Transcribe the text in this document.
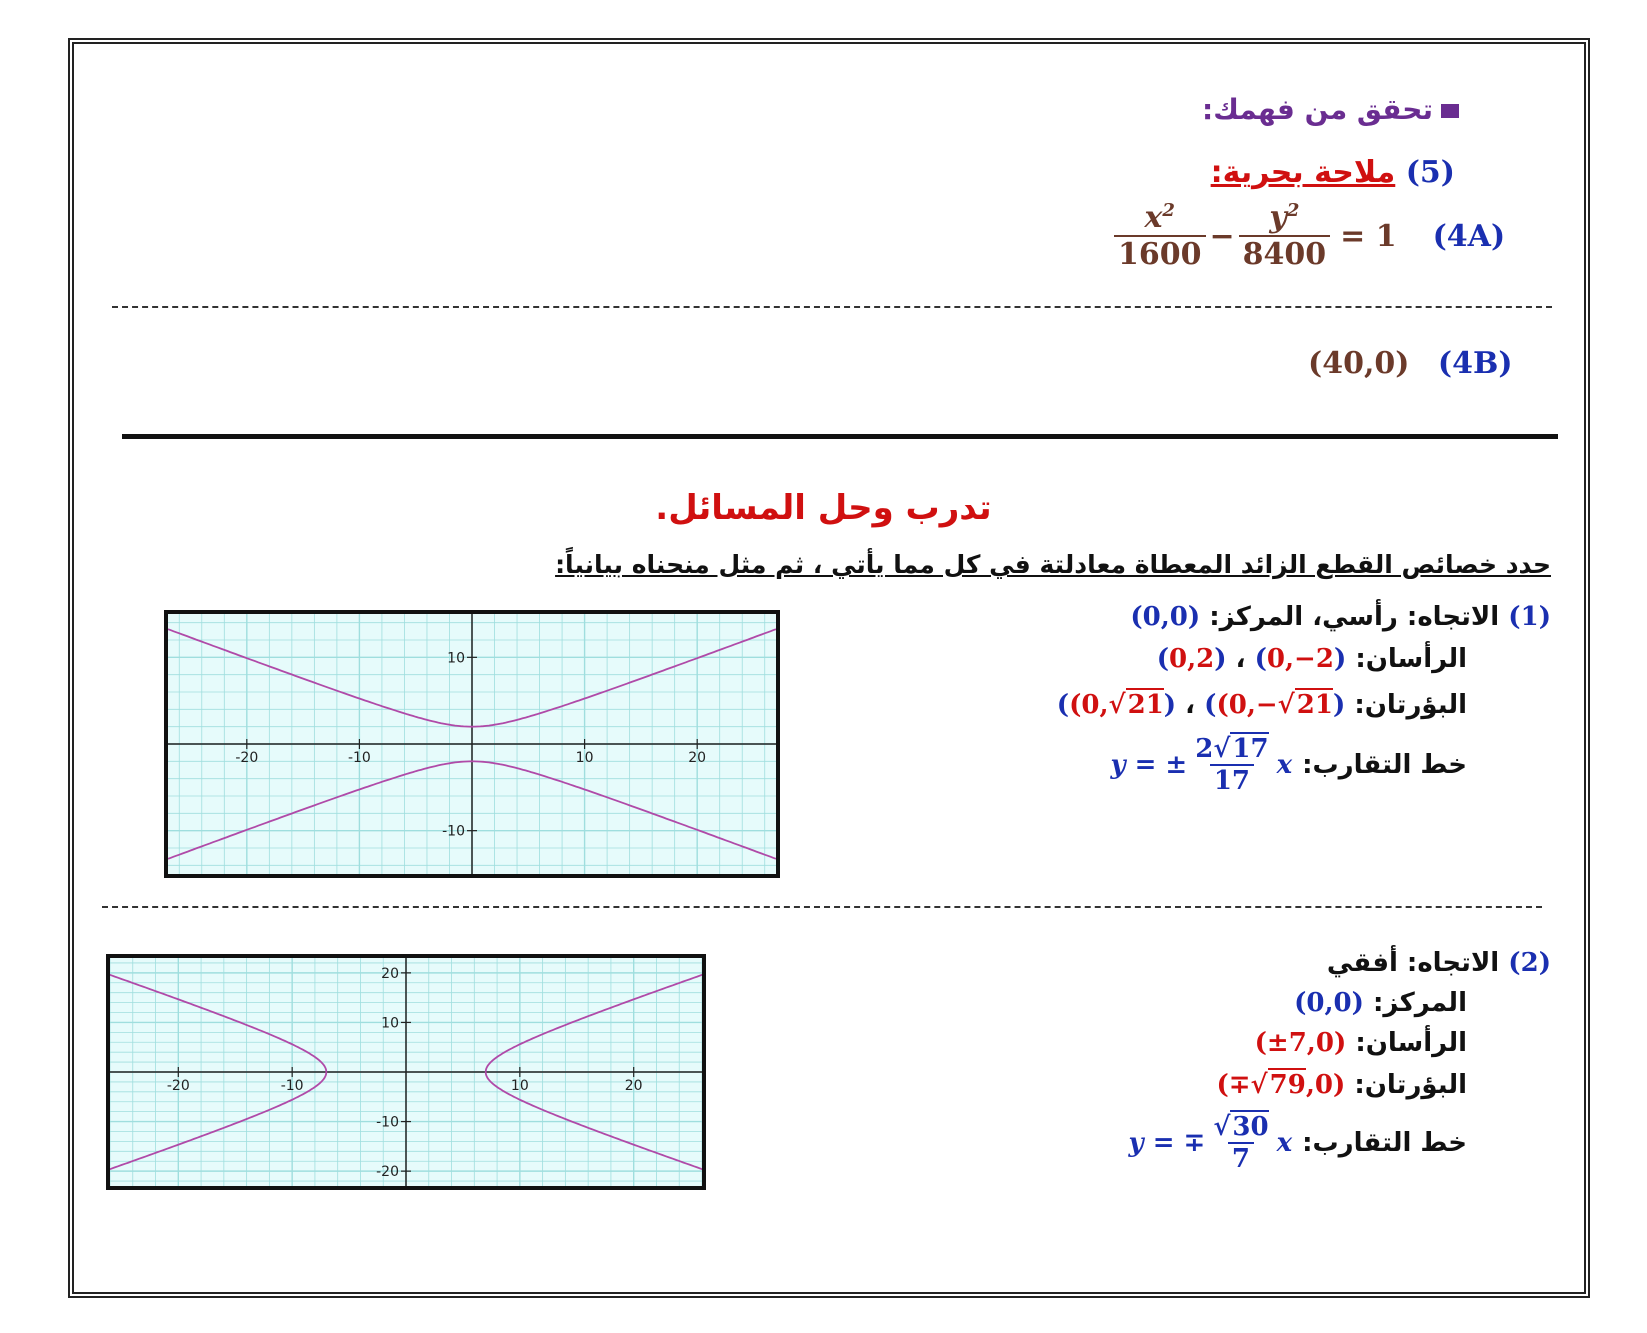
تحقق من فهمك:
(5) ملاحة بحرية:
$\frac{x^2}{1600} - \frac{y^2}{8400} = 1$ (4A)
(40,0) (4B)
تدرب وحل المسائل.
حدد خصائص القطع الزائد المعطاة معادلتة في كل مما يأتي ، ثم مثل منحناه بيانياً:
(1) الاتجاه: رأسي، المركز: (0,0)
الرأسان: (0,−2) ، (0,2)
البؤرتان: ((0,−√21) ، ((0,√21)
خط التقارب:
y = ± $\frac{2√17}{17}$ x
-20	-10	10	20
10
-10
(2) الاتجاه: أفقي
المركز: (0,0)
الرأسان: (±7,0)
البؤرتان: (∓√79,0)
خط التقارب:
y = ∓ $\frac{√30}{7}$ x
-20	-10	10	20
20
10
-10
-20
